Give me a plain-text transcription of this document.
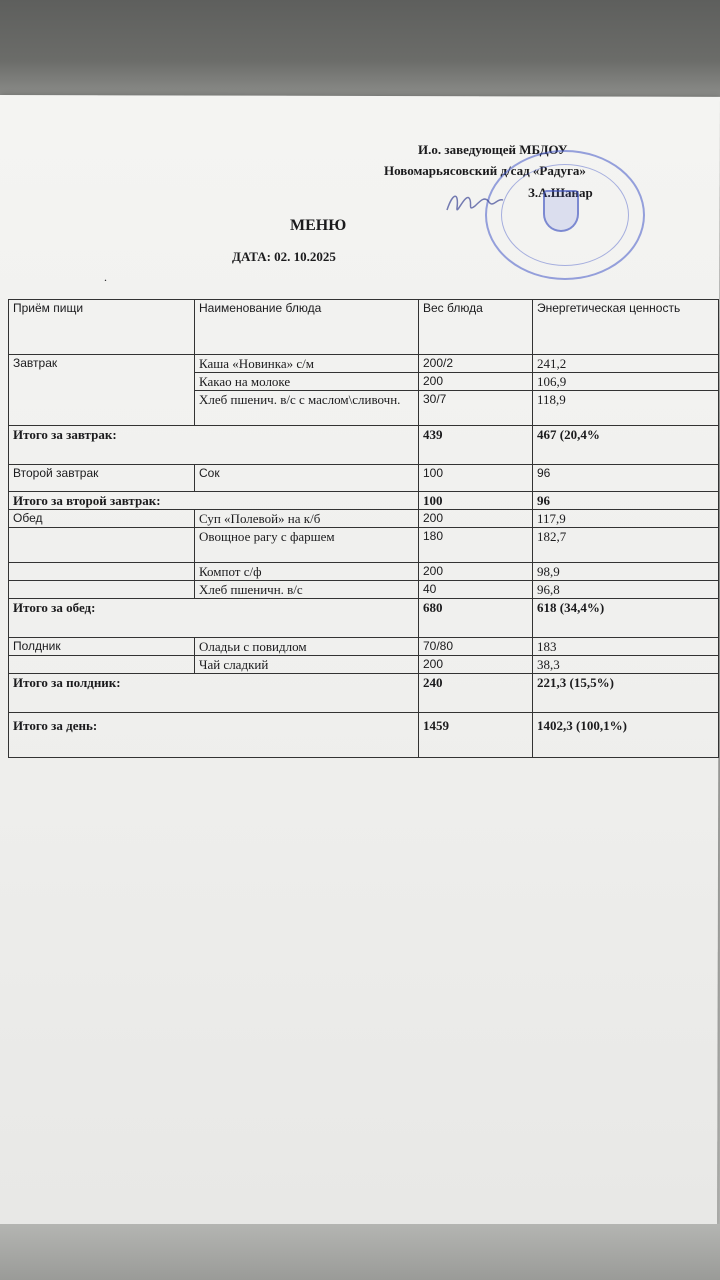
И.о. заведующей МБДОУ
Новомарьясовский д/сад «Радуга»
З.А.Шанар
МЕНЮ
ДАТА: 02. 10.2025
.
Приём пищи	Наименование блюда	Вес блюда	Энергетическая ценность
Завтрак	Каша «Новинка» с/м	200/2	241,2
	Какао на молоке	200	106,9
	Хлеб пшенич. в/с с маслом\сливочн.	30/7	118,9
Итого за завтрак:		439	467 (20,4%
Второй завтрак	Сок	100	96
Итого за второй завтрак:		100	96
Обед	Суп «Полевой» на к/б	200	117,9
	Овощное рагу с фаршем	180	182,7
	Компот с/ф	200	98,9
	Хлеб пшеничн. в/с	40	96,8
Итого за обед:		680	618 (34,4%)
Полдник	Оладьи с повидлом	70/80	183
	Чай сладкий	200	38,3
Итого за полдник:		240	221,3 (15,5%)
Итого за день:		1459	1402,3 (100,1%)
